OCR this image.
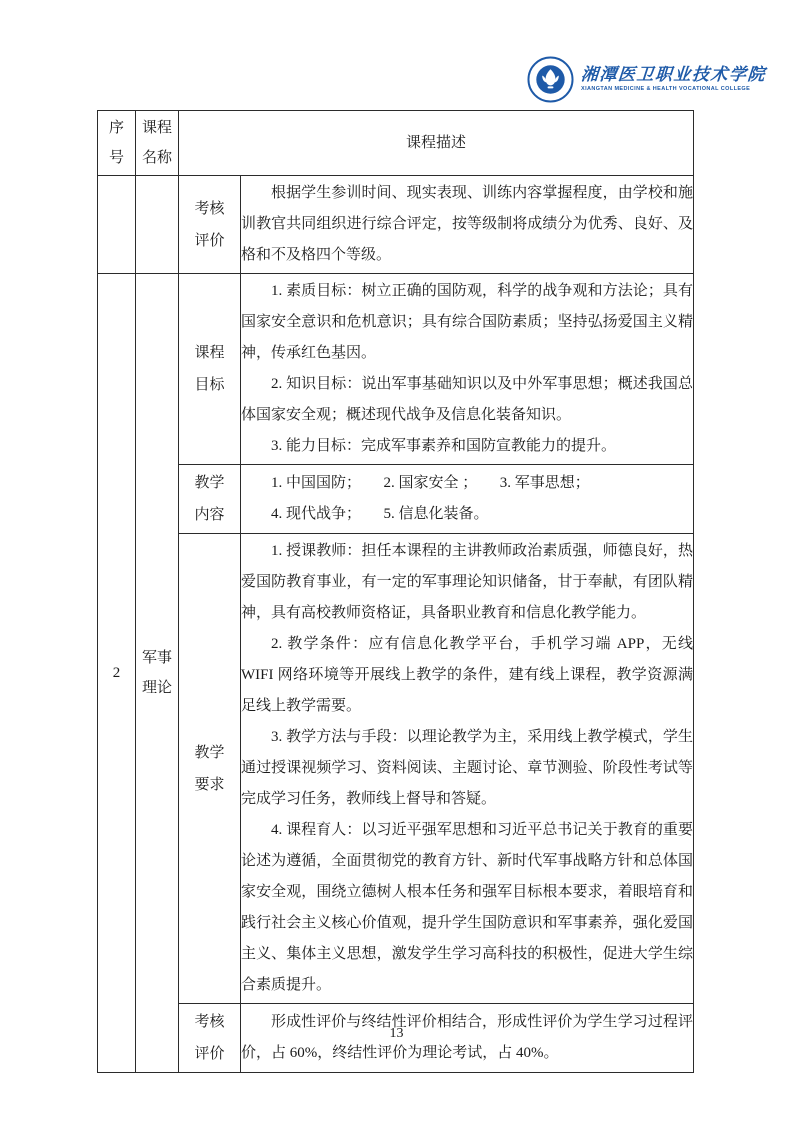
湘潭医卫职业技术学院
XIANGTAN MEDICINE & HEALTH VOCATIONAL COLLEGE
序号	课程名称	课程描述	
		考核评价	根据学生参训时间、现实表现、训练内容掌握程度，由学校和施训教官共同组织进行综合评定，按等级制将成绩分为优秀、良好、及格和不及格四个等级。

2	军事理论	课程目标	1. 素质目标：树立正确的国防观，科学的战争观和方法论；具有国家安全意识和危机意识；具有综合国防素质；坚持弘扬爱国主义精神，传承红色基因。

2. 知识目标：说出军事基础知识以及中外军事思想；概述我国总体国家安全观；概述现代战争及信息化装备知识。

3. 能力目标：完成军事素养和国防宣教能力的提升。

		教学内容	1. 中国国防；　　2. 国家安全 ；　　3. 军事思想；

4. 现代战争；　　5. 信息化装备。

		教学要求	1. 授课教师：担任本课程的主讲教师政治素质强，师德良好，热爱国防教育事业，有一定的军事理论知识储备，甘于奉献，有团队精神，具有高校教师资格证，具备职业教育和信息化教学能力。

2. 教学条件：应有信息化教学平台，手机学习端 APP，无线 WIFI 网络环境等开展线上教学的条件，建有线上课程，教学资源满足线上教学需要。

3. 教学方法与手段：以理论教学为主，采用线上教学模式，学生通过授课视频学习、资料阅读、主题讨论、章节测验、阶段性考试等完成学习任务，教师线上督导和答疑。

4. 课程育人：以习近平强军思想和习近平总书记关于教育的重要论述为遵循，全面贯彻党的教育方针、新时代军事战略方针和总体国家安全观，围绕立德树人根本任务和强军目标根本要求，着眼培育和践行社会主义核心价值观，提升学生国防意识和军事素养，强化爱国主义、集体主义思想，激发学生学习高科技的积极性，促进大学生综合素质提升。

		考核评价	形成性评价与终结性评价相结合，形成性评价为学生学习过程评价，占 60%，终结性评价为理论考试，占 40%。

13
